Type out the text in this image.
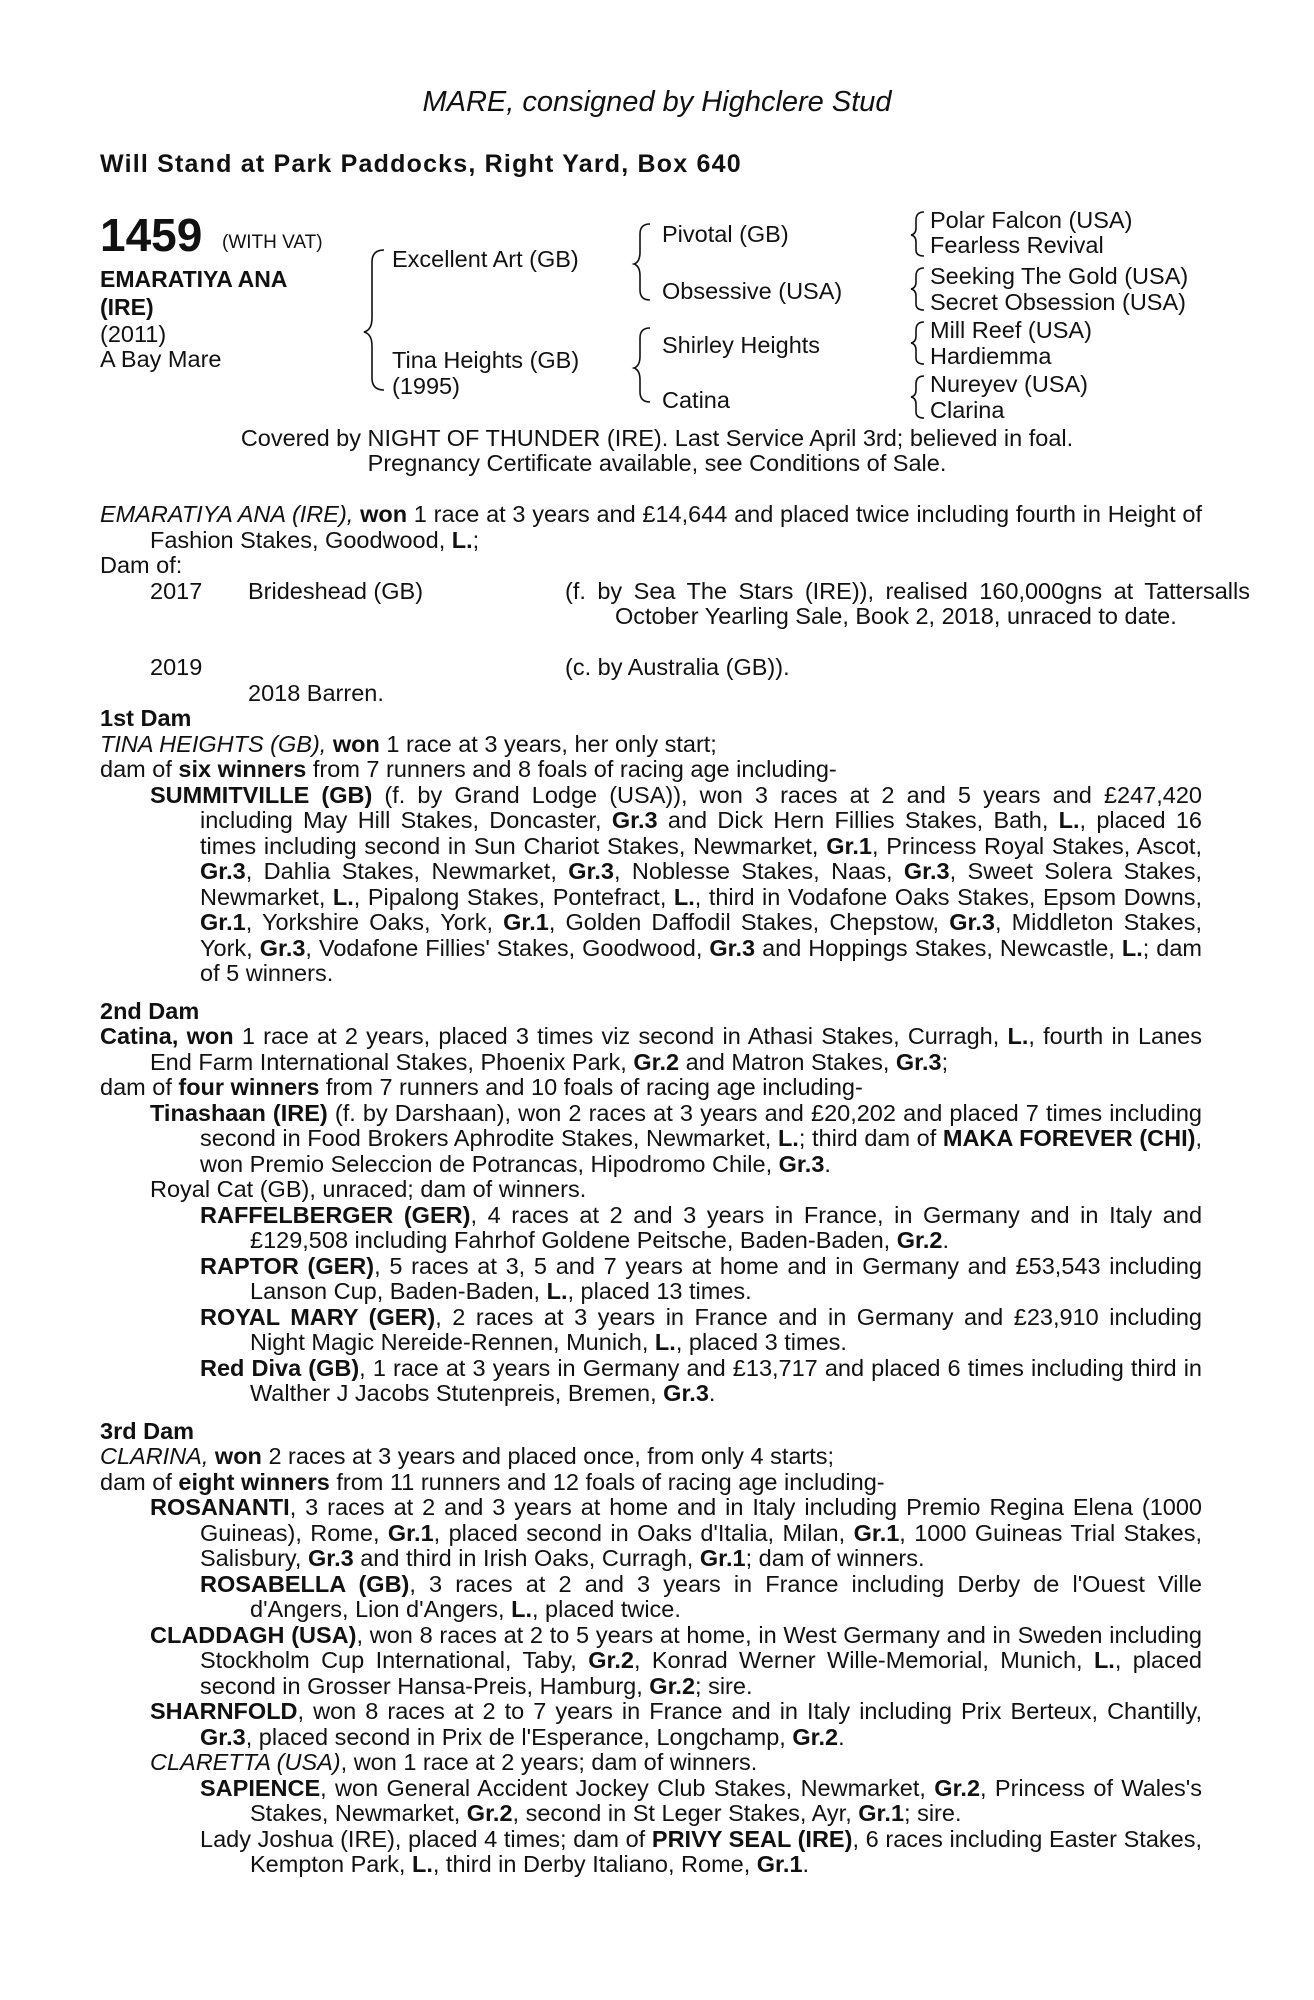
MARE, consigned by Highclere Stud
Will Stand at Park Paddocks, Right Yard, Box 640
1459 (WITH VAT)
EMARATIYA ANA
(IRE)
(2011)
A Bay Mare
Excellent Art (GB)
Tina Heights (GB)
(1995)
Pivotal (GB)
Obsessive (USA)
Shirley Heights
Catina
Polar Falcon (USA)
Fearless Revival
Seeking The Gold (USA)
Secret Obsession (USA)
Mill Reef (USA)
Hardiemma
Nureyev (USA)
Clarina
Covered by NIGHT OF THUNDER (IRE). Last Service April 3rd; believed in foal.
Pregnancy Certificate available, see Conditions of Sale.

EMARATIYA ANA (IRE), won 1 race at 3 years and £14,644 and placed twice including fourth in Height of Fashion Stakes, Goodwood, L.;

Dam of:

2017 Brideshead (GB)	(f. by Sea The Stars (IRE)), realised 160,000gns at Tattersalls October Yearling Sale, Book 2, 2018, unraced to date.
2019	(c. by Australia (GB)).
2018 Barren.

1st Dam

TINA HEIGHTS (GB), won 1 race at 3 years, her only start;

dam of six winners from 7 runners and 8 foals of racing age including-

SUMMITVILLE (GB) (f. by Grand Lodge (USA)), won 3 races at 2 and 5 years and £247,420 including May Hill Stakes, Doncaster, Gr.3 and Dick Hern Fillies Stakes, Bath, L., placed 16 times including second in Sun Chariot Stakes, Newmarket, Gr.1, Princess Royal Stakes, Ascot, Gr.3, Dahlia Stakes, Newmarket, Gr.3, Noblesse Stakes, Naas, Gr.3, Sweet Solera Stakes, Newmarket, L., Pipalong Stakes, Pontefract, L., third in Vodafone Oaks Stakes, Epsom Downs, Gr.1, Yorkshire Oaks, York, Gr.1, Golden Daffodil Stakes, Chepstow, Gr.3, Middleton Stakes, York, Gr.3, Vodafone Fillies' Stakes, Goodwood, Gr.3 and Hoppings Stakes, Newcastle, L.; dam of 5 winners.

2nd Dam

Catina, won 1 race at 2 years, placed 3 times viz second in Athasi Stakes, Curragh, L., fourth in Lanes End Farm International Stakes, Phoenix Park, Gr.2 and Matron Stakes, Gr.3;

dam of four winners from 7 runners and 10 foals of racing age including-

Tinashaan (IRE) (f. by Darshaan), won 2 races at 3 years and £20,202 and placed 7 times including second in Food Brokers Aphrodite Stakes, Newmarket, L.; third dam of MAKA FOREVER (CHI), won Premio Seleccion de Potrancas, Hipodromo Chile, Gr.3.

Royal Cat (GB), unraced; dam of winners.

RAFFELBERGER (GER), 4 races at 2 and 3 years in France, in Germany and in Italy and £129,508 including Fahrhof Goldene Peitsche, Baden-Baden, Gr.2.

RAPTOR (GER), 5 races at 3, 5 and 7 years at home and in Germany and £53,543 including Lanson Cup, Baden-Baden, L., placed 13 times.

ROYAL MARY (GER), 2 races at 3 years in France and in Germany and £23,910 including Night Magic Nereide-Rennen, Munich, L., placed 3 times.

Red Diva (GB), 1 race at 3 years in Germany and £13,717 and placed 6 times including third in Walther J Jacobs Stutenpreis, Bremen, Gr.3.

3rd Dam

CLARINA, won 2 races at 3 years and placed once, from only 4 starts;

dam of eight winners from 11 runners and 12 foals of racing age including-

ROSANANTI, 3 races at 2 and 3 years at home and in Italy including Premio Regina Elena (1000 Guineas), Rome, Gr.1, placed second in Oaks d'Italia, Milan, Gr.1, 1000 Guineas Trial Stakes, Salisbury, Gr.3 and third in Irish Oaks, Curragh, Gr.1; dam of winners.

ROSABELLA (GB), 3 races at 2 and 3 years in France including Derby de l'Ouest Ville d'Angers, Lion d'Angers, L., placed twice.

CLADDAGH (USA), won 8 races at 2 to 5 years at home, in West Germany and in Sweden including Stockholm Cup International, Taby, Gr.2, Konrad Werner Wille-Memorial, Munich, L., placed second in Grosser Hansa-Preis, Hamburg, Gr.2; sire.

SHARNFOLD, won 8 races at 2 to 7 years in France and in Italy including Prix Berteux, Chantilly, Gr.3, placed second in Prix de l'Esperance, Longchamp, Gr.2.

CLARETTA (USA), won 1 race at 2 years; dam of winners.

SAPIENCE, won General Accident Jockey Club Stakes, Newmarket, Gr.2, Princess of Wales's Stakes, Newmarket, Gr.2, second in St Leger Stakes, Ayr, Gr.1; sire.

Lady Joshua (IRE), placed 4 times; dam of PRIVY SEAL (IRE), 6 races including Easter Stakes, Kempton Park, L., third in Derby Italiano, Rome, Gr.1.
